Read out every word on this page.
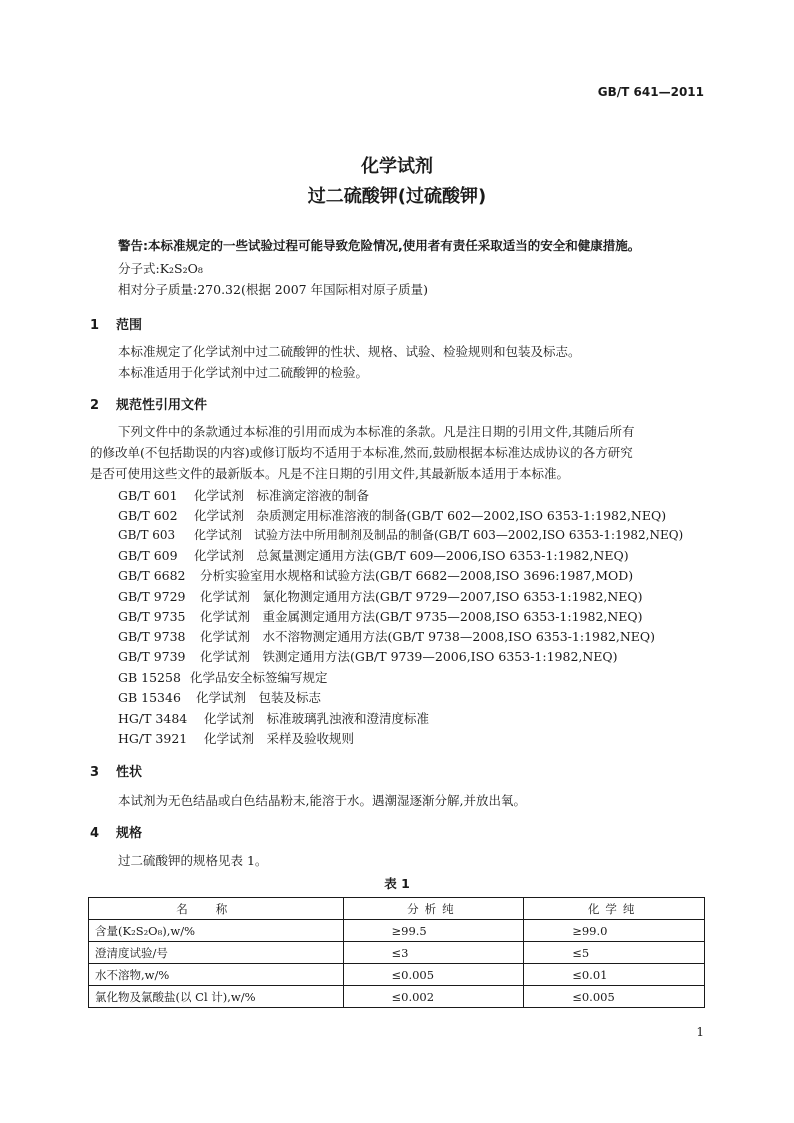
GB/T 641—2011
化学试剂
过二硫酸钾(过硫酸钾)
警告:本标准规定的一些试验过程可能导致危险情况,使用者有责任采取适当的安全和健康措施。
分子式:K₂S₂O₈
相对分子质量:270.32(根据 2007 年国际相对原子质量)
1 范围
本标准规定了化学试剂中过二硫酸钾的性状、规格、试验、检验规则和包装及标志。
本标准适用于化学试剂中过二硫酸钾的检验。
2 规范性引用文件
下列文件中的条款通过本标准的引用而成为本标准的条款。凡是注日期的引用文件,其随后所有
的修改单(不包括勘误的内容)或修订版均不适用于本标准,然而,鼓励根据本标准达成协议的各方研究
是否可使用这些文件的最新版本。凡是不注日期的引用文件,其最新版本适用于本标准。
GB/T 601 化学试剂　标准滴定溶液的制备
GB/T 602 化学试剂　杂质测定用标准溶液的制备(GB/T 602—2002,ISO 6353-1:1982,NEQ)
GB/T 603 化学试剂　试验方法中所用制剂及制品的制备(GB/T 603—2002,ISO 6353-1:1982,NEQ)
GB/T 609 化学试剂　总氮量测定通用方法(GB/T 609—2006,ISO 6353-1:1982,NEQ)
GB/T 6682 分析实验室用水规格和试验方法(GB/T 6682—2008,ISO 3696:1987,MOD)
GB/T 9729 化学试剂　氯化物测定通用方法(GB/T 9729—2007,ISO 6353-1:1982,NEQ)
GB/T 9735 化学试剂　重金属测定通用方法(GB/T 9735—2008,ISO 6353-1:1982,NEQ)
GB/T 9738 化学试剂　水不溶物测定通用方法(GB/T 9738—2008,ISO 6353-1:1982,NEQ)
GB/T 9739 化学试剂　铁测定通用方法(GB/T 9739—2006,ISO 6353-1:1982,NEQ)
GB 15258 化学品安全标签编写规定
GB 15346 化学试剂　包装及标志
HG/T 3484 化学试剂　标准玻璃乳浊液和澄清度标准
HG/T 3921 化学试剂　采样及验收规则
3 性状
本试剂为无色结晶或白色结晶粉末,能溶于水。遇潮湿逐渐分解,并放出氧。
4 规格
过二硫酸钾的规格见表 1。
表 1
名称	分析纯	化学纯
含量(K₂S₂O₈),w/%	≥99.5	≥99.0
澄清度试验/号	≤3	≤5
水不溶物,w/%	≤0.005	≤0.01
氯化物及氯酸盐(以 Cl 计),w/%	≤0.002	≤0.005
1
